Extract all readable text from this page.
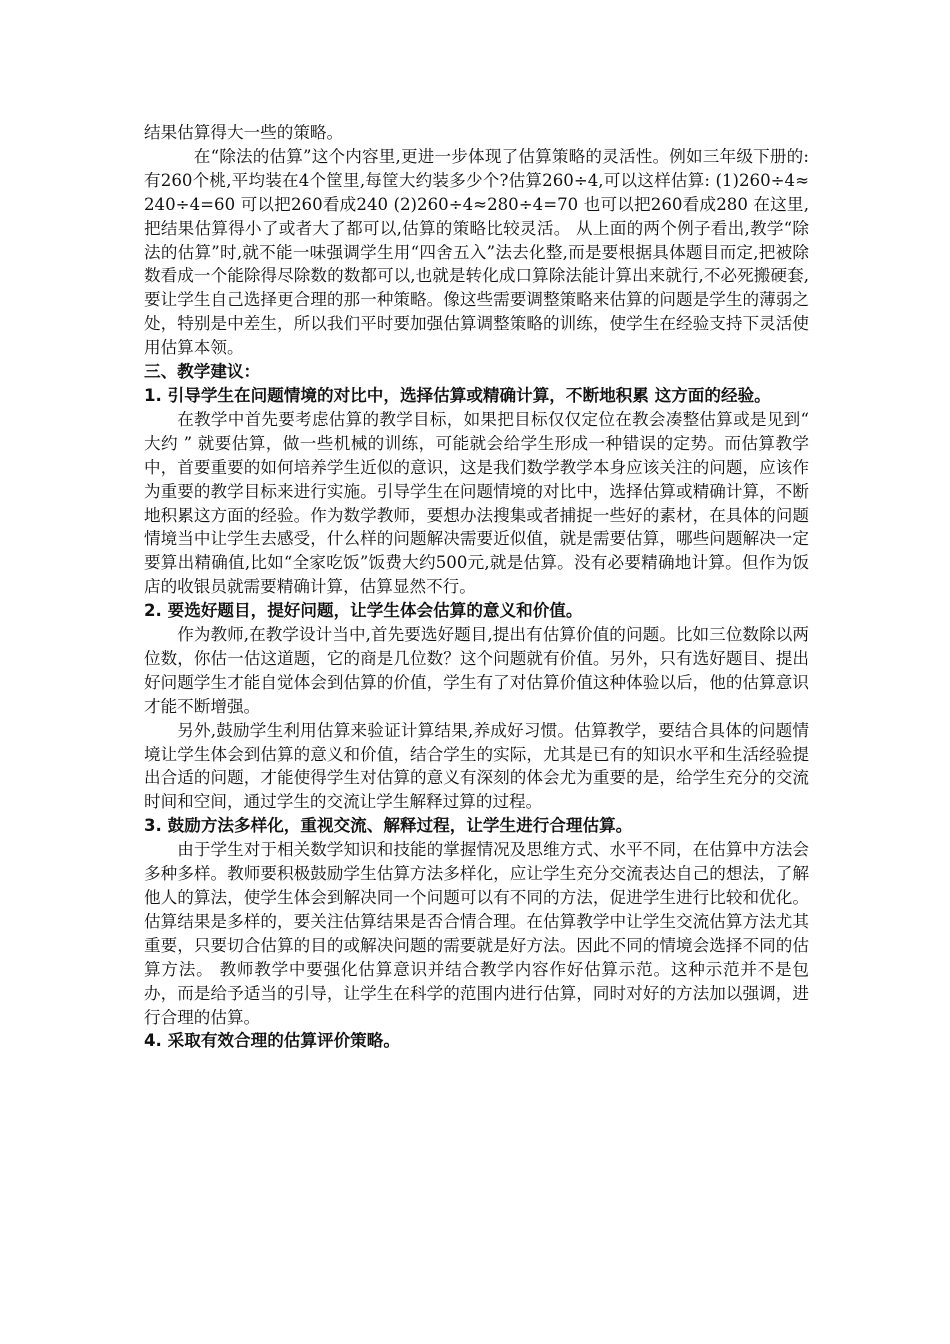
结果估算得大一些的策略。

在“除法的估算”这个内容里,更进一步体现了估算策略的灵活性。例如三年级下册的:有260个桃,平均装在4个筐里,每筐大约装多少个?估算260÷4,可以这样估算: (1)260÷4≈240÷4=60 可以把260看成240 (2)260÷4≈280÷4=70 也可以把260看成280 在这里,把结果估算得小了或者大了都可以,估算的策略比较灵活。 从上面的两个例子看出,教学“除法的估算”时,就不能一味强调学生用“四舍五入”法去化整,而是要根据具体题目而定,把被除数看成一个能除得尽除数的数都可以,也就是转化成口算除法能计算出来就行,不必死搬硬套,要让学生自己选择更合理的那一种策略。像这些需要调整策略来估算的问题是学生的薄弱之处，特别是中差生，所以我们平时要加强估算调整策略的训练，使学生在经验支持下灵活使用估算本领。

三、教学建议：

1. 引导学生在问题情境的对比中，选择估算或精确计算，不断地积累 这方面的经验。

在教学中首先要考虑估算的教学目标，如果把目标仅仅定位在教会凑整估算或是见到“ 大约 ” 就要估算，做一些机械的训练，可能就会给学生形成一种错误的定势。而估算教学中，首要重要的如何培养学生近似的意识，这是我们数学教学本身应该关注的问题，应该作为重要的教学目标来进行实施。引导学生在问题情境的对比中，选择估算或精确计算，不断地积累这方面的经验。作为数学教师，要想办法搜集或者捕捉一些好的素材，在具体的问题情境当中让学生去感受，什么样的问题解决需要近似值，就是需要估算，哪些问题解决一定要算出精确值,比如“全家吃饭”饭费大约500元,就是估算。没有必要精确地计算。但作为饭店的收银员就需要精确计算，估算显然不行。

2. 要选好题目，提好问题，让学生体会估算的意义和价值。

作为教师,在教学设计当中,首先要选好题目,提出有估算价值的问题。比如三位数除以两位数，你估一估这道题，它的商是几位数？这个问题就有价值。另外，只有选好题目、提出好问题学生才能自觉体会到估算的价值，学生有了对估算价值这种体验以后，他的估算意识才能不断增强。

另外,鼓励学生利用估算来验证计算结果,养成好习惯。估算教学，要结合具体的问题情境让学生体会到估算的意义和价值，结合学生的实际，尤其是已有的知识水平和生活经验提出合适的问题，才能使得学生对估算的意义有深刻的体会尤为重要的是，给学生充分的交流时间和空间，通过学生的交流让学生解释过算的过程。

3. 鼓励方法多样化，重视交流、解释过程，让学生进行合理估算。

由于学生对于相关数学知识和技能的掌握情况及思维方式、水平不同，在估算中方法会多种多样。教师要积极鼓励学生估算方法多样化，应让学生充分交流表达自己的想法，了解他人的算法，使学生体会到解决同一个问题可以有不同的方法，促进学生进行比较和优化。 估算结果是多样的，要关注估算结果是否合情合理。在估算教学中让学生交流估算方法尤其重要，只要切合估算的目的或解决问题的需要就是好方法。因此不同的情境会选择不同的估算方法。 教师教学中要强化估算意识并结合教学内容作好估算示范。这种示范并不是包办，而是给予适当的引导，让学生在科学的范围内进行估算，同时对好的方法加以强调，进行合理的估算。

4. 采取有效合理的估算评价策略。
